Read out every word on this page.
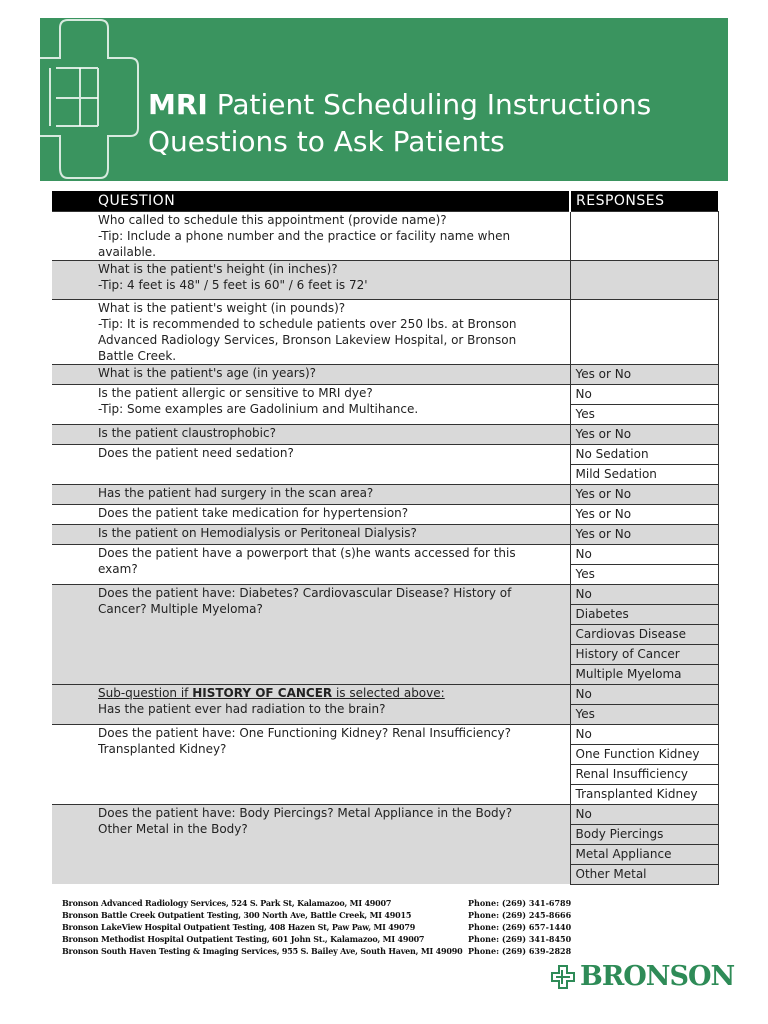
MRI Patient Scheduling Instructions
Questions to Ask Patients
QUESTION	RESPONSES

Who called to schedule this appointment (provide name)?
-Tip: Include a phone number and the practice or facility name when
available.	

What is the patient's height (in inches)?
-Tip: 4 feet is 48" / 5 feet is 60" / 6 feet is 72'	

What is the patient's weight (in pounds)?
-Tip: It is recommended to schedule patients over 250 lbs. at Bronson
Advanced Radiology Services, Bronson Lakeview Hospital, or Bronson
Battle Creek.	

What is the patient's age (in years)?	Yes or No

Is the patient allergic or sensitive to MRI dye?
-Tip: Some examples are Gadolinium and Multihance.	No
	Yes

Is the patient claustrophobic?	Yes or No

Does the patient need sedation?	No Sedation
	Mild Sedation

Has the patient had surgery in the scan area?	Yes or No

Does the patient take medication for hypertension?	Yes or No

Is the patient on Hemodialysis or Peritoneal Dialysis?	Yes or No

Does the patient have a powerport that (s)he wants accessed for this
exam?	No
	Yes

Does the patient have: Diabetes? Cardiovascular Disease? History of
Cancer? Multiple Myeloma?	No
	Diabetes
	Cardiovas Disease
	History of Cancer
	Multiple Myeloma

Sub-question if HISTORY OF CANCER is selected above:
Has the patient ever had radiation to the brain?	No
	Yes

Does the patient have: One Functioning Kidney? Renal Insufficiency?
Transplanted Kidney?	No
	One Function Kidney
	Renal Insufficiency
	Transplanted Kidney

Does the patient have: Body Piercings? Metal Appliance in the Body?
Other Metal in the Body?	No
	Body Piercings
	Metal Appliance
	Other Metal
Bronson Advanced Radiology Services, 524 S. Park St, Kalamazoo, MI 49007	Phone: (269) 341-6789
Bronson Battle Creek Outpatient Testing, 300 North Ave, Battle Creek, MI 49015	Phone: (269) 245-8666
Bronson LakeView Hospital Outpatient Testing, 408 Hazen St, Paw Paw, MI 49079	Phone: (269) 657-1440
Bronson Methodist Hospital Outpatient Testing, 601 John St., Kalamazoo, MI 49007	Phone: (269) 341-8450
Bronson South Haven Testing & Imaging Services, 955 S. Bailey Ave, South Haven, MI 49090 Phone: (269) 639-2828
BRONSON
